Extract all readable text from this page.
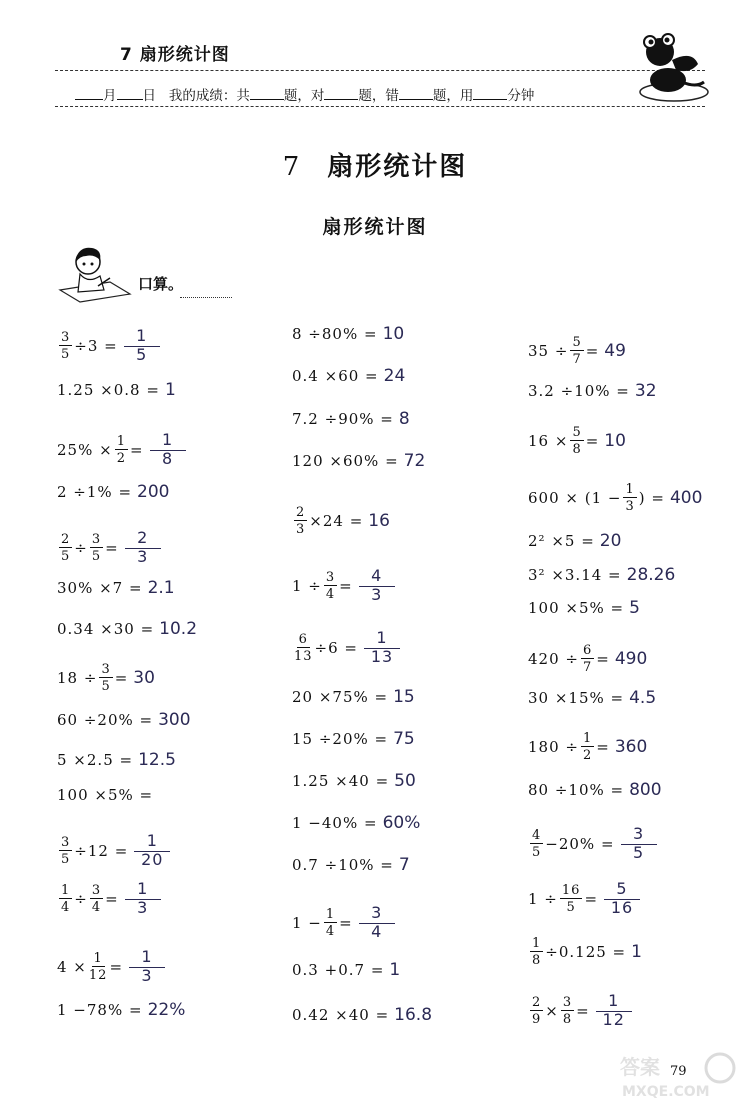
7 扇形统计图
月 日 我的成绩：共	题，对	题，错	题，用	分钟
7 扇形统计图
扇形统计图
口算。
$\frac{3}{5} \div 3 = \frac{1}{5}$
1.25 ×0.8 = 1
$25\% \times \frac{1}{2} = \frac{1}{8}$
2 ÷1% = 200
$\frac{2}{5} \div \frac{3}{5} = \frac{2}{3}$
30% ×7 = 2.1
0.34 ×30 = 10.2
$18 \div \frac{3}{5} = 30$
60 ÷20% = 300
5 ×2.5 = 12.5
100 ×5% =
$\frac{3}{5} \div 12 = \frac{1}{20}$
$\frac{1}{4} \div \frac{3}{4} = \frac{1}{3}$
$4 \times \frac{1}{12} = \frac{1}{3}$
1 −78% = 22%
8 ÷80% = 10
0.4 ×60 = 24
7.2 ÷90% = 8
120 ×60% = 72
$\frac{2}{3} \times 24 = 16$
$1 \div \frac{3}{4} = \frac{4}{3}$
$\frac{6}{13} \div 6 = \frac{1}{13}$
20 ×75% = 15
15 ÷20% = 75
1.25 ×40 = 50
1 −40% = 60%
0.7 ÷10% = 7
$1 - \frac{1}{4} = \frac{3}{4}$
0.3 +0.7 = 1
0.42 ×40 = 16.8
$35 \div \frac{5}{7} = 49$
3.2 ÷10% = 32
$16 \times \frac{5}{8} = 10$
$600 \times (1 - \frac{1}{3}$ ) = 400
2² ×5 = 20
3² ×3.14 = 28.26
100 ×5% = 5
$420 \div \frac{6}{7} = 490$
30 ×15% = 4.5
$180 \div \frac{1}{2} = 360$
80 ÷10% = 800
$\frac{4}{5} -20\% = \frac{3}{5}$
$1 \div \frac{16}{5} = \frac{5}{16}$
$\frac{1}{8} \div 0.125 = 1$
$\frac{2}{9} \times \frac{3}{8} = \frac{1}{12}$
79
答案
MXQE.COM
